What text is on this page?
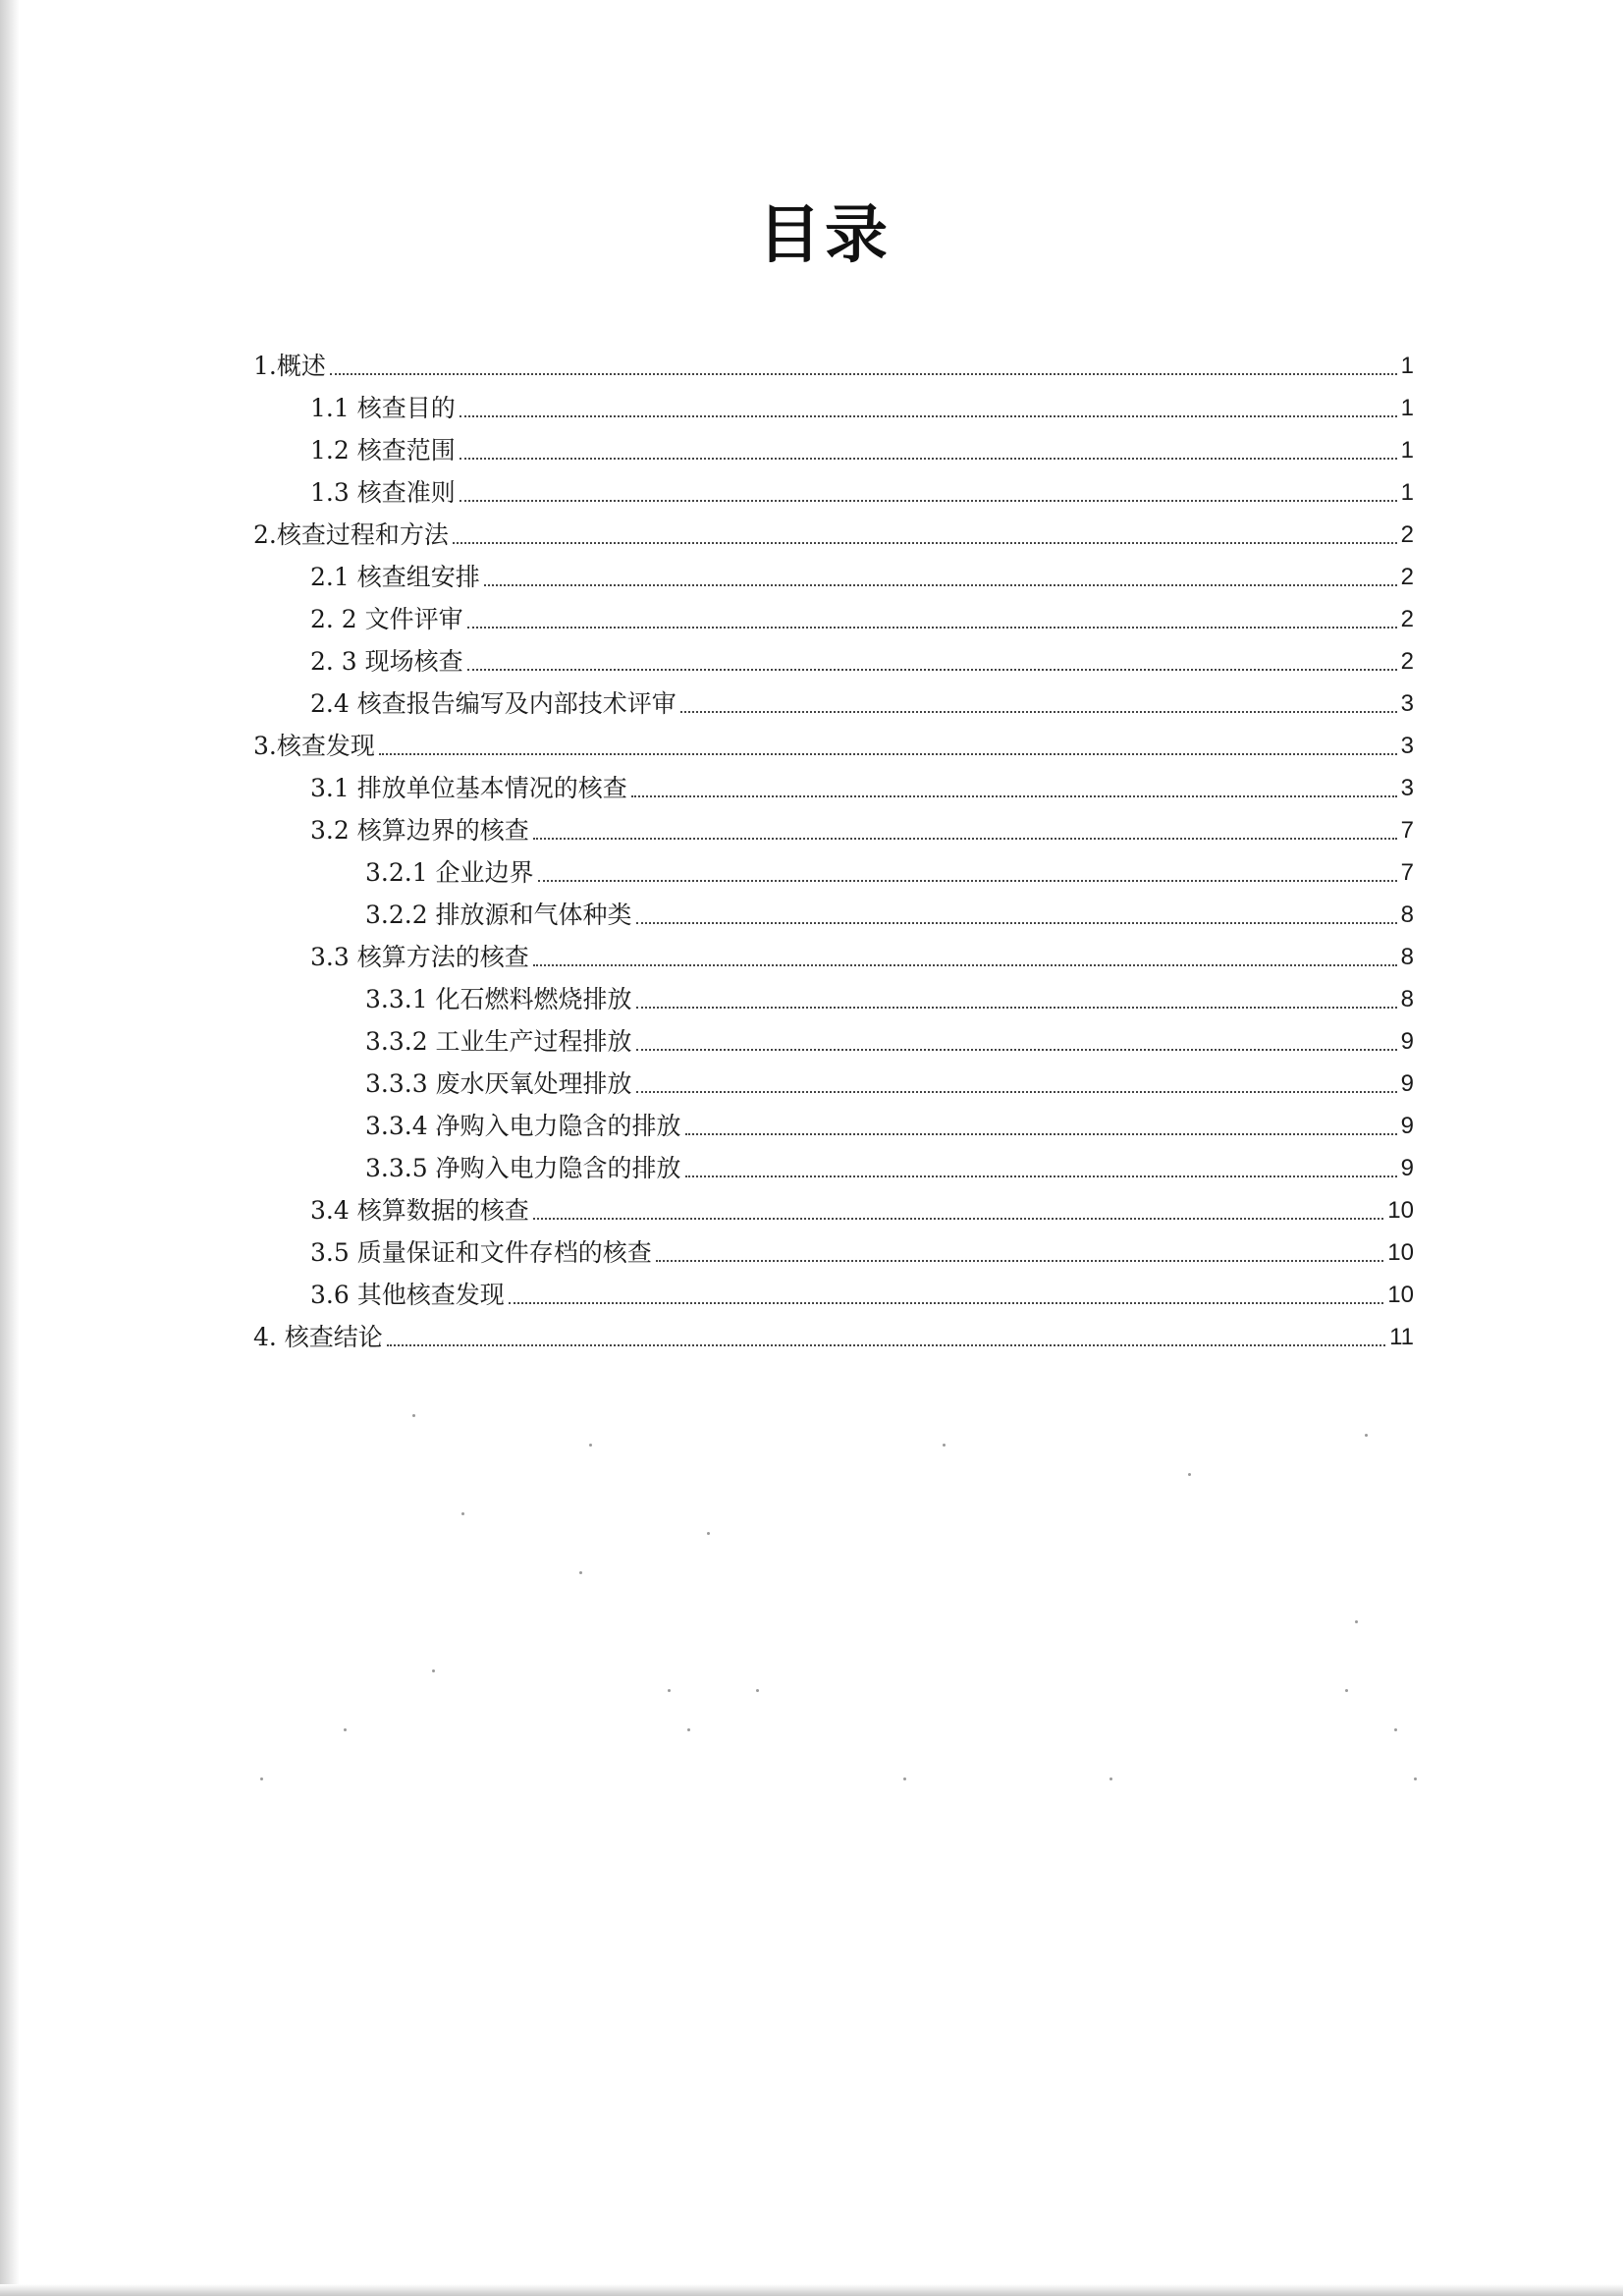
目录
1.概述	1
1.1 核查目的	1
1.2 核查范围	1
1.3 核查准则	1
2.核查过程和方法	2
2.1 核查组安排	2
2. 2 文件评审	2
2. 3 现场核查	2
2.4 核查报告编写及内部技术评审	3
3.核查发现	3
3.1 排放单位基本情况的核查	3
3.2 核算边界的核查	7
3.2.1 企业边界	7
3.2.2 排放源和气体种类	8
3.3 核算方法的核查	8
3.3.1 化石燃料燃烧排放	8
3.3.2 工业生产过程排放	9
3.3.3 废水厌氧处理排放	9
3.3.4 净购入电力隐含的排放	9
3.3.5 净购入电力隐含的排放	9
3.4 核算数据的核查	10
3.5 质量保证和文件存档的核查	10
3.6 其他核查发现	10
4. 核查结论	11
